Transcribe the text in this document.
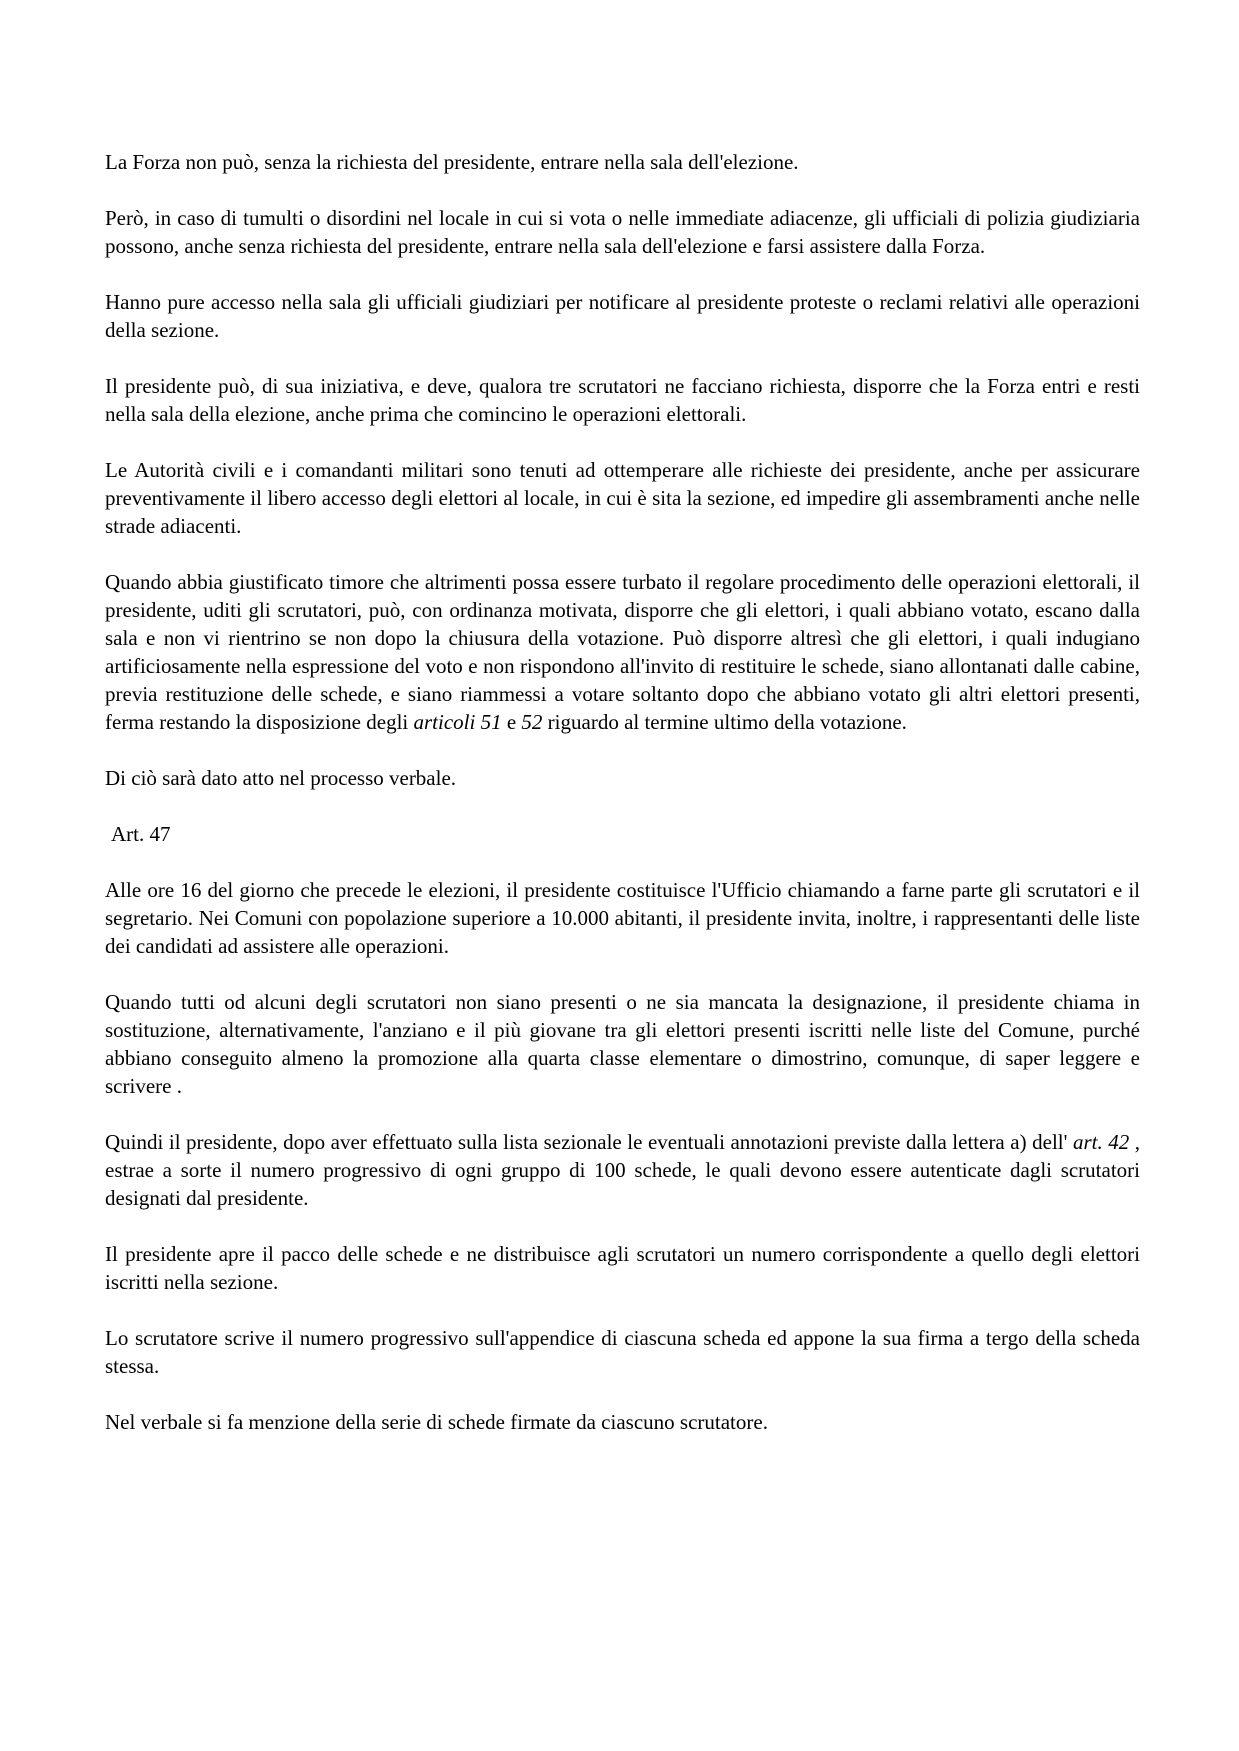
La Forza non può, senza la richiesta del presidente, entrare nella sala dell'elezione.

Però, in caso di tumulti o disordini nel locale in cui si vota o nelle immediate adiacenze, gli ufficiali di polizia giudiziaria possono, anche senza richiesta del presidente, entrare nella sala dell'elezione e farsi assistere dalla Forza.

Hanno pure accesso nella sala gli ufficiali giudiziari per notificare al presidente proteste o reclami relativi alle operazioni della sezione.

Il presidente può, di sua iniziativa, e deve, qualora tre scrutatori ne facciano richiesta, disporre che la Forza entri e resti nella sala della elezione, anche prima che comincino le operazioni elettorali.

Le Autorità civili e i comandanti militari sono tenuti ad ottemperare alle richieste dei presidente, anche per assicurare preventivamente il libero accesso degli elettori al locale, in cui è sita la sezione, ed impedire gli assembramenti anche nelle strade adiacenti.

Quando abbia giustificato timore che altrimenti possa essere turbato il regolare procedimento delle operazioni elettorali, il presidente, uditi gli scrutatori, può, con ordinanza motivata, disporre che gli elettori, i quali abbiano votato, escano dalla sala e non vi rientrino se non dopo la chiusura della votazione. Può disporre altresì che gli elettori, i quali indugiano artificiosamente nella espressione del voto e non rispondono all'invito di restituire le schede, siano allontanati dalle cabine, previa restituzione delle schede, e siano riammessi a votare soltanto dopo che abbiano votato gli altri elettori presenti, ferma restando la disposizione degli articoli 51 e 52 riguardo al termine ultimo della votazione.

Di ciò sarà dato atto nel processo verbale.

Art. 47

Alle ore 16 del giorno che precede le elezioni, il presidente costituisce l'Ufficio chiamando a farne parte gli scrutatori e il segretario. Nei Comuni con popolazione superiore a 10.000 abitanti, il presidente invita, inoltre, i rappresentanti delle liste dei candidati ad assistere alle operazioni.

Quando tutti od alcuni degli scrutatori non siano presenti o ne sia mancata la designazione, il presidente chiama in sostituzione, alternativamente, l'anziano e il più giovane tra gli elettori presenti iscritti nelle liste del Comune, purché abbiano conseguito almeno la promozione alla quarta classe elementare o dimostrino, comunque, di saper leggere e scrivere .

Quindi il presidente, dopo aver effettuato sulla lista sezionale le eventuali annotazioni previste dalla lettera a) dell' art. 42 , estrae a sorte il numero progressivo di ogni gruppo di 100 schede, le quali devono essere autenticate dagli scrutatori designati dal presidente.

Il presidente apre il pacco delle schede e ne distribuisce agli scrutatori un numero corrispondente a quello degli elettori iscritti nella sezione.

Lo scrutatore scrive il numero progressivo sull'appendice di ciascuna scheda ed appone la sua firma a tergo della scheda stessa.

Nel verbale si fa menzione della serie di schede firmate da ciascuno scrutatore.
